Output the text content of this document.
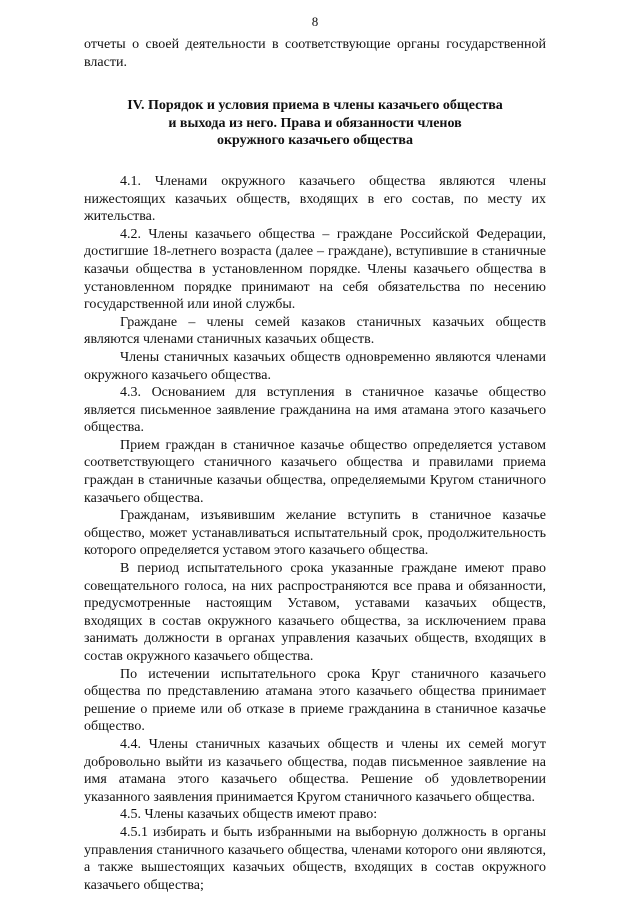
8

отчеты о своей деятельности в соответствующие органы государственной власти.

IV. Порядок и условия приема в члены казачьего общества
и выхода из него. Права и обязанности членов
окружного казачьего общества

4.1. Членами окружного казачьего общества являются члены нижестоящих казачьих обществ, входящих в его состав, по месту их жительства.

4.2. Члены казачьего общества – граждане Российской Федерации, достигшие 18-летнего возраста (далее – граждане), вступившие в станичные казачьи общества в установленном порядке. Члены казачьего общества в установленном порядке принимают на себя обязательства по несению государственной или иной службы.

Граждане – члены семей казаков станичных казачьих обществ являются членами станичных казачьих обществ.

Члены станичных казачьих обществ одновременно являются членами окружного казачьего общества.

4.3. Основанием для вступления в станичное казачье общество является письменное заявление гражданина на имя атамана этого казачьего общества.

Прием граждан в станичное казачье общество определяется уставом соответствующего станичного казачьего общества и правилами приема граждан в станичные казачьи общества, определяемыми Кругом станичного казачьего общества.

Гражданам, изъявившим желание вступить в станичное казачье общество, может устанавливаться испытательный срок, продолжительность которого определяется уставом этого казачьего общества.

В период испытательного срока указанные граждане имеют право совещательного голоса, на них распространяются все права и обязанности, предусмотренные настоящим Уставом, уставами казачьих обществ, входящих в состав окружного казачьего общества, за исключением права занимать должности в органах управления казачьих обществ, входящих в состав окружного казачьего общества.

По истечении испытательного срока Круг станичного казачьего общества по представлению атамана этого казачьего общества принимает решение о приеме или об отказе в приеме гражданина в станичное казачье общество.

4.4. Члены станичных казачьих обществ и члены их семей могут добровольно выйти из казачьего общества, подав письменное заявление на имя атамана этого казачьего общества. Решение об удовлетворении указанного заявления принимается Кругом станичного казачьего общества.

4.5. Члены казачьих обществ имеют право:

4.5.1 избирать и быть избранными на выборную должность в органы управления станичного казачьего общества, членами которого они являются, а также вышестоящих казачьих обществ, входящих в состав окружного казачьего общества;
